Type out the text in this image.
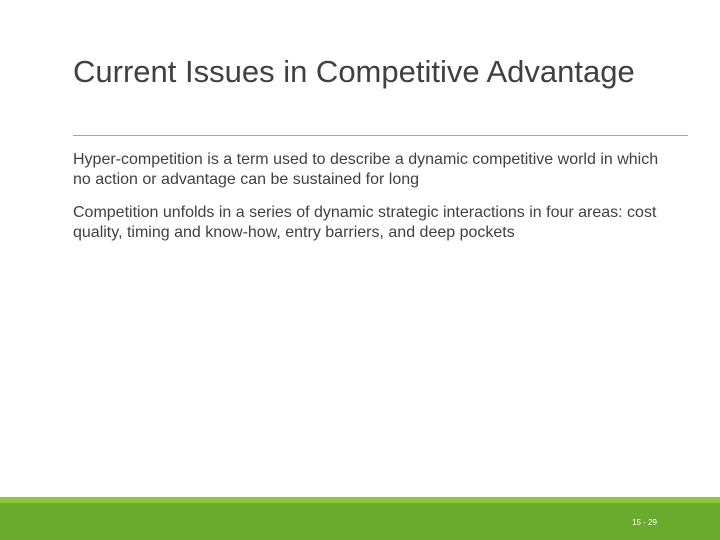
Current Issues in Competitive Advantage

Hyper-competition is a term used to describe a dynamic competitive world in which no action or advantage can be sustained for long

Competition unfolds in a series of dynamic strategic interactions in four areas: cost quality, timing and know-how, entry barriers, and deep pockets

15 - 29
